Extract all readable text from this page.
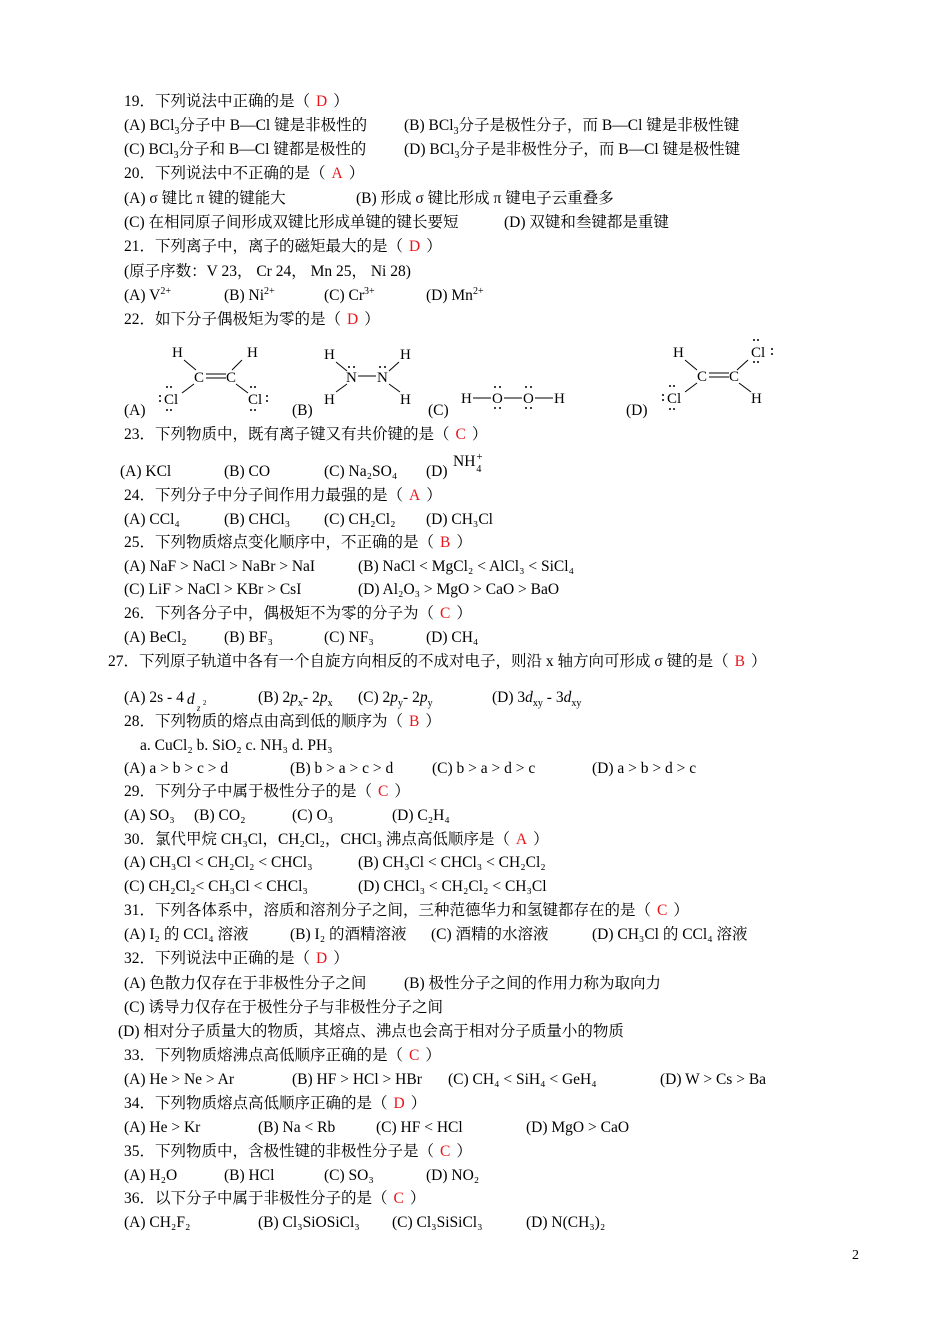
19．下列说法中正确的是（ D ）
(A) BCl$_3$分子中 B—Cl 键是非极性的 (B) BCl$_3$分子是极性分子，而 B—Cl 键是非极性键
(C) BCl$_3$分子和 B—Cl 键都是极性的 (D) BCl$_3$分子是非极性分子，而 B—Cl 键是极性键
20．下列说法中不正确的是（ A ）
(A) σ 键比 π 键的键能大	(B) 形成 σ 键比形成 π 键电子云重叠多
(C) 在相同原子间形成双键比形成单键的键长要短	(D) 双键和叁键都是重键
21．下列离子中，离子的磁矩最大的是（ D ）
(原子序数：V 23， Cr 24， Mn 25， Ni 28)
(A) $V^{2+}$	(B) $Ni^{2+}$	(C) $Cr^{3+}$	(D) $Mn^{2+}$
22．如下分子偶极矩为零的是（ D ）
(A)	(B)	(C)	(D)
H	H
C C
Cl	Cl
H	H
N N
H	H	H O O H
H	Cl
C C
Cl	H
23．下列物质中，既有离子键又有共价键的是（ C ）
(A) KCl	(B) CO	(C) Na₂SO₄ (D)
NH +
4
24．下列分子中分子间作用力最强的是（ A ）
(A) CCl₄	(B) CHCl₃ (C) CH₂Cl₂ (D) CH₃Cl
25．下列物质熔点变化顺序中，不正确的是（ B ）
(A) NaF > NaCl > NaBr > NaI	(B) NaCl < MgCl₂ < AlCl₃ < SiCl₄
(C) LiF > NaCl > KBr > CsI	(D) Al₂O₃ > MgO > CaO > BaO
26．下列各分子中，偶极矩不为零的分子为（ C ）
(A) BeCl₂ (B) BF₃	(C) NF₃	(D) CH₄
27．下列原子轨道中各有一个自旋方向相反的不成对电子，则沿 x 轴方向可形成 σ 键的是（ B ）
(A) 2s - 4 d z 2	(B) $2p_x-$ $2p_x$ (C) $2p_y-$ $2p_y$	(D) $3d_{xy} - 3d_{xy}$
28．下列物质的熔点由高到低的顺序为（ B ）
a. CuCl₂ b. SiO₂ c. NH₃ d. PH₃
(A) a > b > c > d	(B) b > a > c > d (C) b > a > d > c	(D) a > b > d > c
29．下列分子中属于极性分子的是（ C ）
(A) SO₃ (B) CO₂	(C) O₃	(D) C₂H₄
30．氯代甲烷 CH₃Cl，CH₂Cl₂，CHCl₃ 沸点高低顺序是（ A ）
(A) CH₃Cl < CH₂Cl₂ < CHCl₃	(B) CH₃Cl < CHCl₃ < CH₂Cl₂
(C) CH₂Cl₂< CH₃Cl < CHCl₃	(D) CHCl₃ < CH₂Cl₂ < CH₃Cl
31．下列各体系中，溶质和溶剂分子之间，三种范德华力和氢键都存在的是（ C ）
(A) I₂ 的 CCl₄ 溶液	(B) I₂ 的酒精溶液 (C) 酒精的水溶液	(D) CH₃Cl 的 CCl₄ 溶液
32．下列说法中正确的是（ D ）
(A) 色散力仅存在于非极性分子之间 (B) 极性分子之间的作用力称为取向力
(C) 诱导力仅存在于极性分子与非极性分子之间
(D) 相对分子质量大的物质，其熔点、沸点也会高于相对分子质量小的物质
33．下列物质熔沸点高低顺序正确的是（ C ）
(A) He > Ne > Ar	(B) HF > HCl > HBr (C) CH₄ < SiH₄ < GeH₄	(D) W > Cs > Ba
34．下列物质熔点高低顺序正确的是（ D ）
(A) He > Kr	(B) Na < Rb	(C) HF < HCl	(D) MgO > CaO
35．下列物质中，含极性键的非极性分子是（ C ）
(A) H₂O	(B) HCl	(C) SO₃	(D) NO₂
36．以下分子中属于非极性分子的是（ C ）
(A) CH₂F₂	(B) Cl₃SiOSiCl₃ (C) Cl₃SiSiCl₃	(D) N(CH₃)₂
2
